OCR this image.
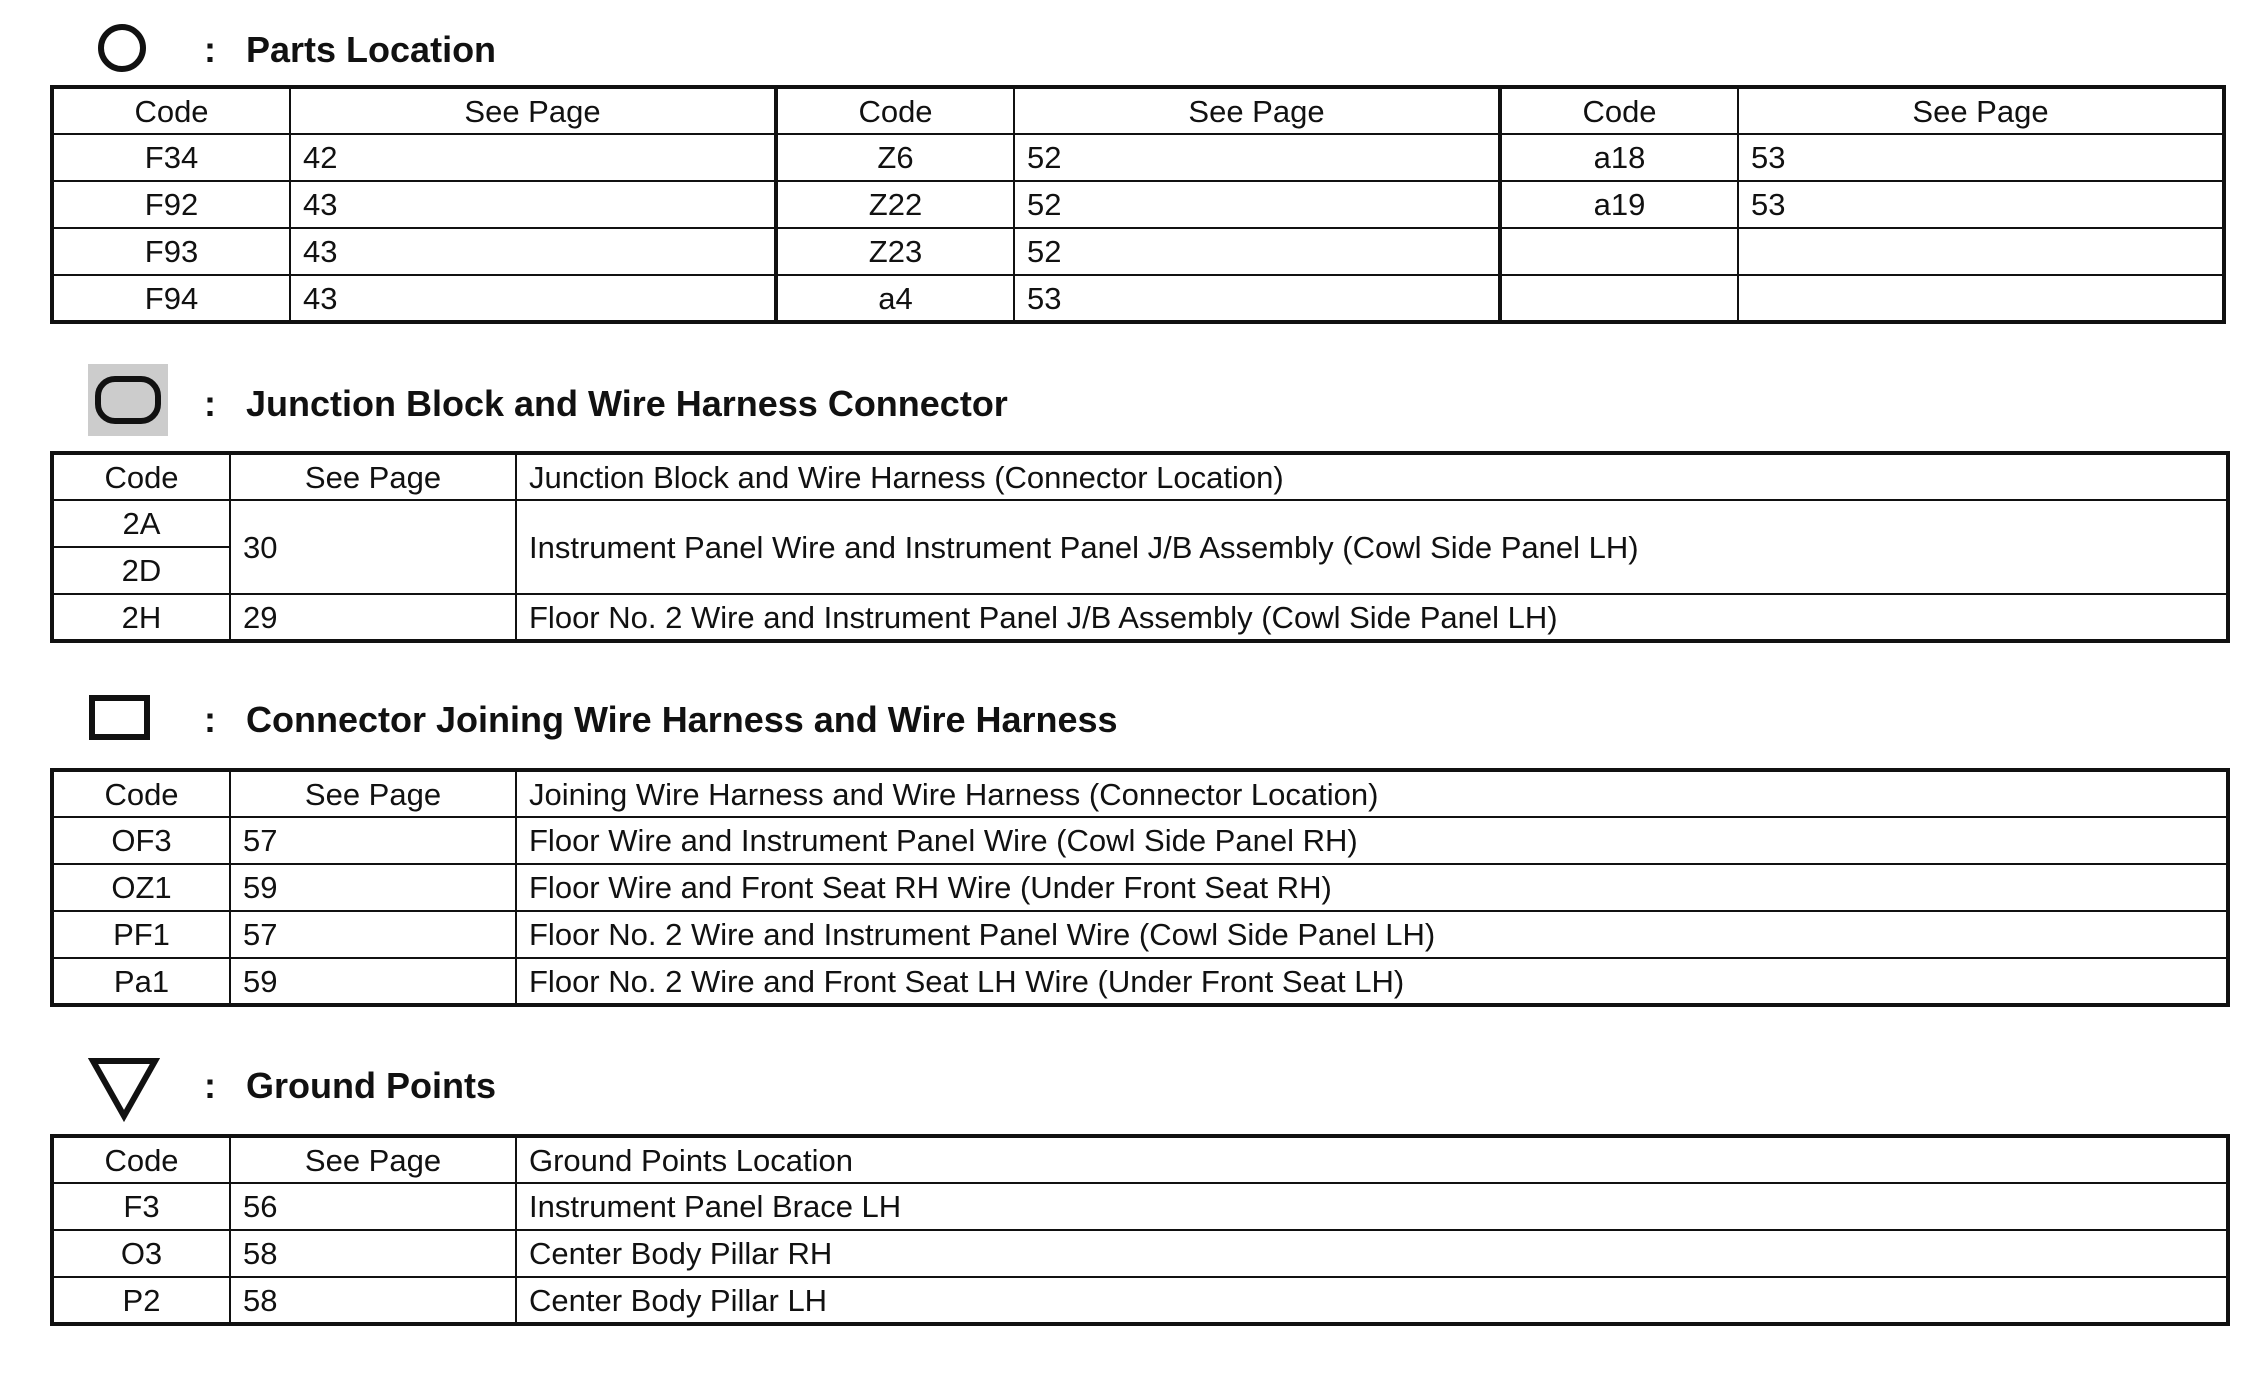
: Parts Location
Code	See Page	Code	See Page	Code	See Page
F34	42	Z6	52	a18	53
F92	43	Z22	52	a19	53
F93	43	Z23	52		
F94	43	a4	53		
: Junction Block and Wire Harness Connector
Code	See Page	Junction Block and Wire Harness (Connector Location)
2A	30	Instrument Panel Wire and Instrument Panel J/B Assembly (Cowl Side Panel LH)
2D		
2H	29	Floor No. 2 Wire and Instrument Panel J/B Assembly (Cowl Side Panel LH)
: Connector Joining Wire Harness and Wire Harness
Code	See Page	Joining Wire Harness and Wire Harness (Connector Location)
OF3	57	Floor Wire and Instrument Panel Wire (Cowl Side Panel RH)
OZ1	59	Floor Wire and Front Seat RH Wire (Under Front Seat RH)
PF1	57	Floor No. 2 Wire and Instrument Panel Wire (Cowl Side Panel LH)
Pa1	59	Floor No. 2 Wire and Front Seat LH Wire (Under Front Seat LH)
: Ground Points
Code	See Page	Ground Points Location
F3	56	Instrument Panel Brace LH
O3	58	Center Body Pillar RH
P2	58	Center Body Pillar LH
